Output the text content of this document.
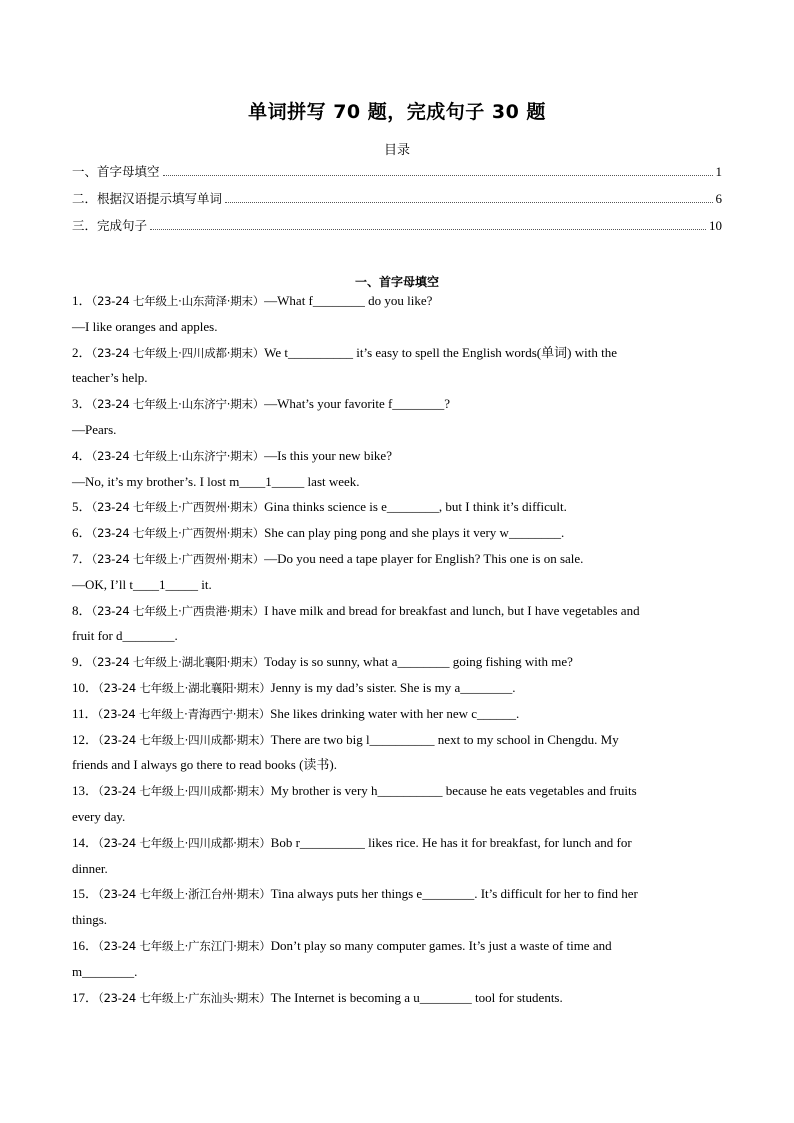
单词拼写 70 题，完成句子 30 题
目录
一、首字母填空	1
二．根据汉语提示填写单词	6
三．完成句子	10
一、首字母填空
1．（23-24 七年级上·山东菏泽·期末）—What f________ do you like?
—I like oranges and apples.
2．（23-24 七年级上·四川成都·期末）We t__________ it’s easy to spell the English words(单词) with the
teacher’s help.
3．（23-24 七年级上·山东济宁·期末）—What’s your favorite f________?
—Pears.
4．（23-24 七年级上·山东济宁·期末）—Is this your new bike?
—No, it’s my brother’s. I lost m____1_____ last week.
5．（23-24 七年级上·广西贺州·期末）Gina thinks science is e________, but I think it’s difficult.
6．（23-24 七年级上·广西贺州·期末）She can play ping pong and she plays it very w________.
7．（23-24 七年级上·广西贺州·期末）—Do you need a tape player for English? This one is on sale.
—OK, I’ll t____1_____ it.
8．（23-24 七年级上·广西贵港·期末）I have milk and bread for breakfast and lunch, but I have vegetables and
fruit for d________.
9．（23-24 七年级上·湖北襄阳·期末）Today is so sunny, what a________ going fishing with me?
10．（23-24 七年级上·湖北襄阳·期末）Jenny is my dad’s sister. She is my a________.
11．（23-24 七年级上·青海西宁·期末）She likes drinking water with her new c______.
12．（23-24 七年级上·四川成都·期末）There are two big l__________ next to my school in Chengdu. My
friends and I always go there to read books (读书).
13．（23-24 七年级上·四川成都·期末）My brother is very h__________ because he eats vegetables and fruits
every day.
14．（23-24 七年级上·四川成都·期末）Bob r__________ likes rice. He has it for breakfast, for lunch and for
dinner.
15．（23-24 七年级上·浙江台州·期末）Tina always puts her things e________. It’s difficult for her to find her
things.
16．（23-24 七年级上·广东江门·期末）Don’t play so many computer games. It’s just a waste of time and
m________.
17．（23-24 七年级上·广东汕头·期末）The Internet is becoming a u________ tool for students.
